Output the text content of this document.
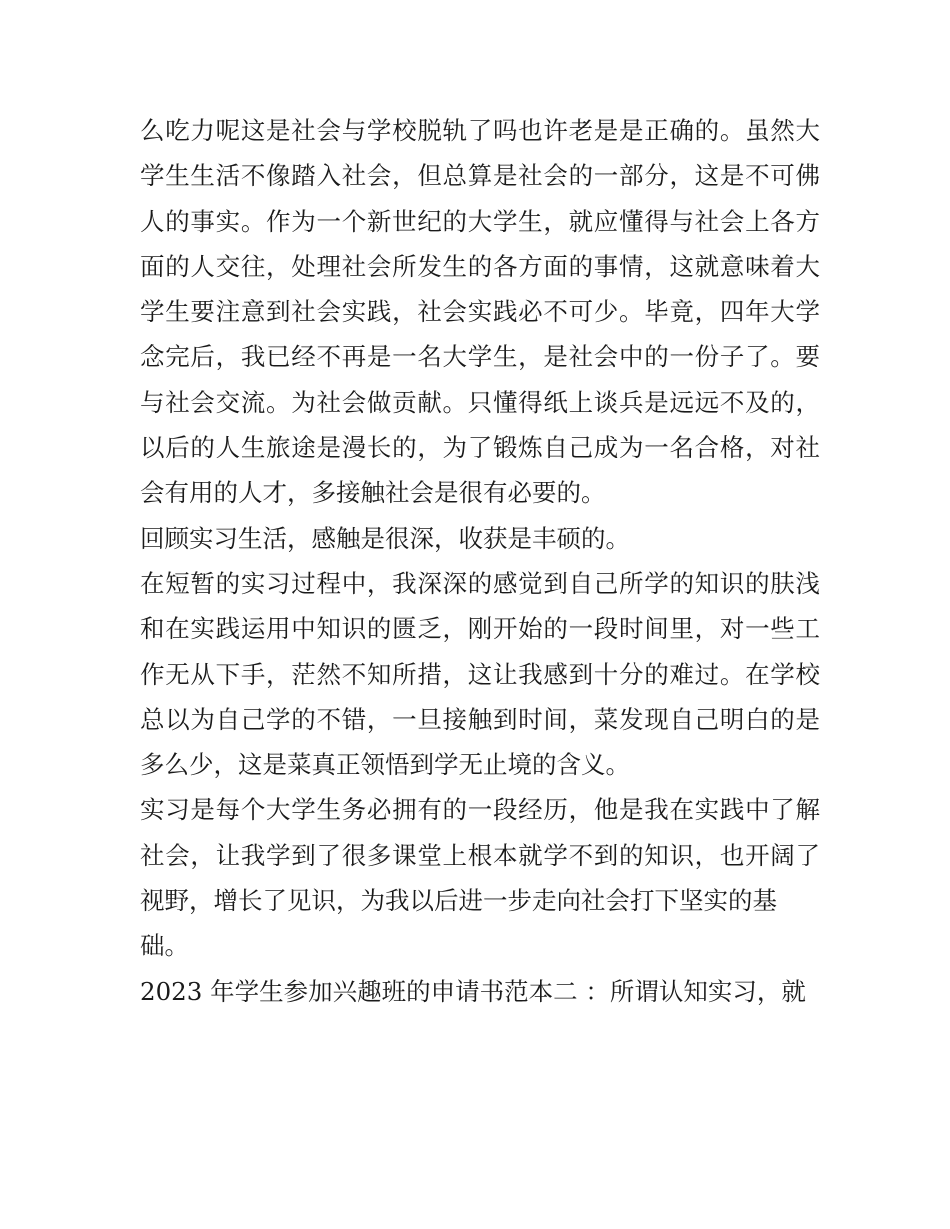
么吃力呢这是社会与学校脱轨了吗也许老是是正确的。虽然大
学生生活不像踏入社会，但总算是社会的一部分，这是不可佛
人的事实。作为一个新世纪的大学生，就应懂得与社会上各方
面的人交往，处理社会所发生的各方面的事情，这就意味着大
学生要注意到社会实践，社会实践必不可少。毕竟，四年大学
念完后，我已经不再是一名大学生，是社会中的一份子了。要
与社会交流。为社会做贡献。只懂得纸上谈兵是远远不及的，
以后的人生旅途是漫长的，为了锻炼自己成为一名合格，对社
会有用的人才，多接触社会是很有必要的。
回顾实习生活，感触是很深，收获是丰硕的。
在短暂的实习过程中，我深深的感觉到自己所学的知识的肤浅
和在实践运用中知识的匮乏，刚开始的一段时间里，对一些工
作无从下手，茫然不知所措，这让我感到十分的难过。在学校
总以为自己学的不错，一旦接触到时间，菜发现自己明白的是
多么少，这是菜真正领悟到学无止境的含义。
实习是每个大学生务必拥有的一段经历，他是我在实践中了解
社会，让我学到了很多课堂上根本就学不到的知识，也开阔了
视野，增长了见识，为我以后进一步走向社会打下坚实的基
础。
2023 年学生参加兴趣班的申请书范本二 ：所谓认知实习，就
